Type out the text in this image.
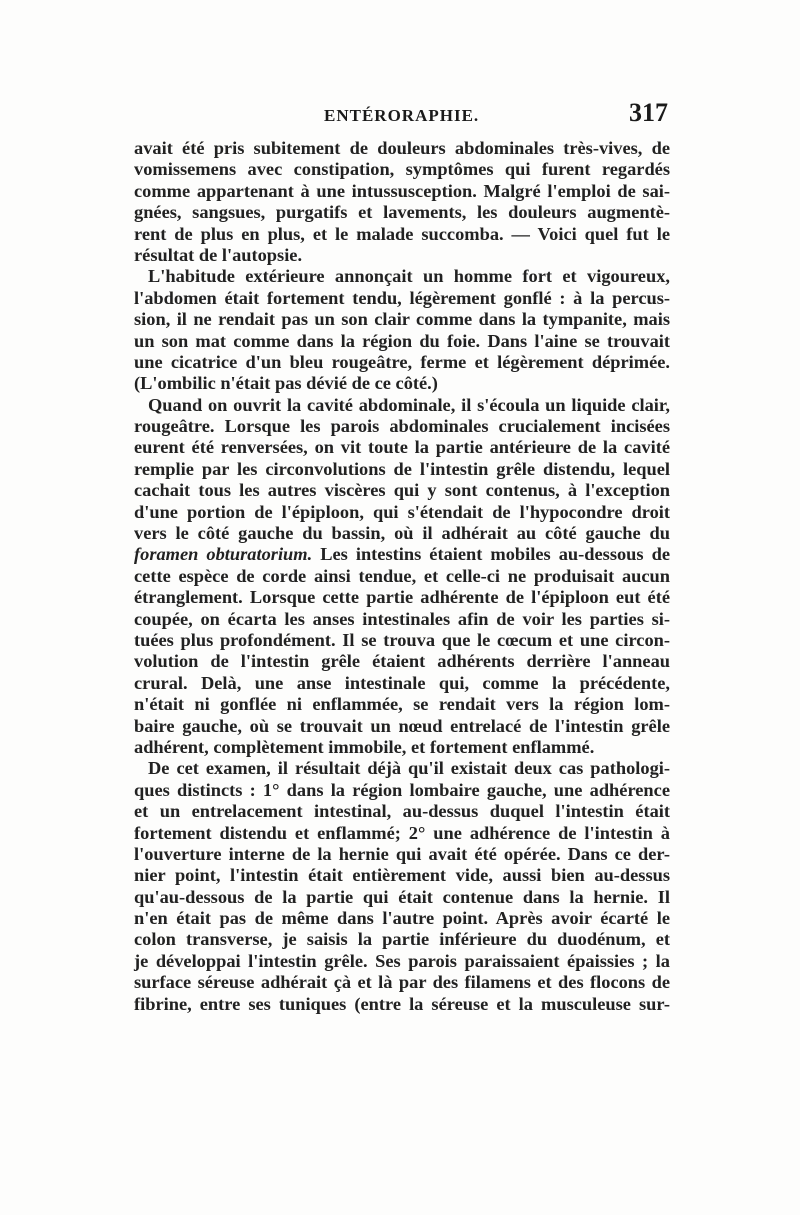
ENTÉRORAPHIE.	317
avait été pris subitement de douleurs abdominales très-vives, de
vomissemens avec constipation, symptômes qui furent regardés
comme appartenant à une intussusception. Malgré l'emploi de sai-
gnées, sangsues, purgatifs et lavements, les douleurs augmentè-
rent de plus en plus, et le malade succomba. — Voici quel fut le
résultat de l'autopsie.
L'habitude extérieure annonçait un homme fort et vigoureux,
l'abdomen était fortement tendu, légèrement gonflé : à la percus-
sion, il ne rendait pas un son clair comme dans la tympanite, mais
un son mat comme dans la région du foie. Dans l'aine se trouvait
une cicatrice d'un bleu rougeâtre, ferme et légèrement déprimée.
(L'ombilic n'était pas dévié de ce côté.)
Quand on ouvrit la cavité abdominale, il s'écoula un liquide clair,
rougeâtre. Lorsque les parois abdominales crucialement incisées
eurent été renversées, on vit toute la partie antérieure de la cavité
remplie par les circonvolutions de l'intestin grêle distendu, lequel
cachait tous les autres viscères qui y sont contenus, à l'exception
d'une portion de l'épiploon, qui s'étendait de l'hypocondre droit
vers le côté gauche du bassin, où il adhérait au côté gauche du
foramen obturatorium. Les intestins étaient mobiles au-dessous de
cette espèce de corde ainsi tendue, et celle-ci ne produisait aucun
étranglement. Lorsque cette partie adhérente de l'épiploon eut été
coupée, on écarta les anses intestinales afin de voir les parties si-
tuées plus profondément. Il se trouva que le cœcum et une circon-
volution de l'intestin grêle étaient adhérents derrière l'anneau
crural. Delà, une anse intestinale qui, comme la précédente,
n'était ni gonflée ni enflammée, se rendait vers la région lom-
baire gauche, où se trouvait un nœud entrelacé de l'intestin grêle
adhérent, complètement immobile, et fortement enflammé.
De cet examen, il résultait déjà qu'il existait deux cas pathologi-
ques distincts : 1° dans la région lombaire gauche, une adhérence
et un entrelacement intestinal, au-dessus duquel l'intestin était
fortement distendu et enflammé; 2° une adhérence de l'intestin à
l'ouverture interne de la hernie qui avait été opérée. Dans ce der-
nier point, l'intestin était entièrement vide, aussi bien au-dessus
qu'au-dessous de la partie qui était contenue dans la hernie. Il
n'en était pas de même dans l'autre point. Après avoir écarté le
colon transverse, je saisis la partie inférieure du duodénum, et
je développai l'intestin grêle. Ses parois paraissaient épaissies ; la
surface séreuse adhérait çà et là par des filamens et des flocons de
fibrine, entre ses tuniques (entre la séreuse et la musculeuse sur-
